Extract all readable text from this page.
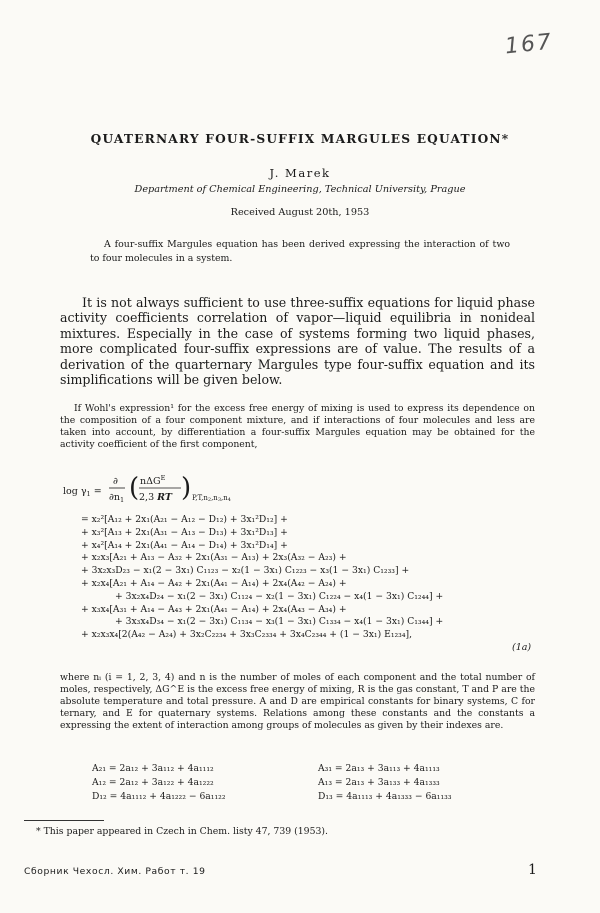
167
QUATERNARY FOUR-SUFFIX MARGULES EQUATION*
J. Marek
Department of Chemical Engineering, Technical University, Prague
Received August 20th, 1953
A four-suffix Margules equation has been derived expressing the interaction of two to four molecules in a system.
It is not always sufficient to use three-suffix equations for liquid phase activity coefficients correlation of vapor—liquid equilibria in nonideal mixtures. Especially in the case of systems forming two liquid phases, more complicated four-suffix expressions are of value. The results of a derivation of the quarternary Margules type four-suffix equation and its simplifications will be given below.
If Wohl's expression¹ for the excess free energy of mixing is used to express its dependence on the composition of a four component mixture, and if interactions of four molecules and less are taken into account, by differentiation a four-suffix Margules equation may be obtained for the activity coefficient of the first component,
$\log \gamma_1$ =
∂
$\partial n_1$ ( nΔG$^E$
2,3 RT ) P,T,n2,n3,n4
= x₂²[A₁₂ + 2x₁(A₂₁ − A₁₂ − D₁₂) + 3x₁²D₁₂] +
+ x₃²[A₁₃ + 2x₁(A₃₁ − A₁₃ − D₁₃) + 3x₁²D₁₃] +
+ x₄²[A₁₄ + 2x₁(A₄₁ − A₁₄ − D₁₄) + 3x₁²D₁₄] +
+ x₂x₃[A₂₁ + A₁₃ − A₃₂ + 2x₁(A₃₁ − A₁₃) + 2x₃(A₃₂ − A₂₃) +
+ 3x₂x₃D₂₃ − x₁(2 − 3x₁) C₁₁₂₃ − x₂(1 − 3x₁) C₁₂₂₃ − x₃(1 − 3x₁) C₁₂₃₃] +
+ x₂x₄[A₂₁ + A₁₄ − A₄₂ + 2x₁(A₄₁ − A₁₄) + 2x₄(A₄₂ − A₂₄) +
+ 3x₂x₄D₂₄ − x₁(2 − 3x₁) C₁₁₂₄ − x₂(1 − 3x₁) C₁₂₂₄ − x₄(1 − 3x₁) C₁₂₄₄] +
+ x₃x₄[A₃₁ + A₁₄ − A₄₃ + 2x₁(A₄₁ − A₁₄) + 2x₄(A₄₃ − A₃₄) +
+ 3x₃x₄D₃₄ − x₁(2 − 3x₁) C₁₁₃₄ − x₃(1 − 3x₁) C₁₃₃₄ − x₄(1 − 3x₁) C₁₃₄₄] +
+ x₂x₃x₄[2(A₄₂ − A₂₄) + 3x₂C₂₂₃₄ + 3x₃C₂₃₃₄ + 3x₄C₂₃₄₄ + (1 − 3x₁) E₁₂₃₄],
(1a)
where nᵢ (i = 1, 2, 3, 4) and n is the number of moles of each component and the total number of moles, respectively, ΔG^E is the excess free energy of mixing, R is the gas constant, T and P are the absolute temperature and total pressure. A and D are empirical constants for binary systems, C for ternary, and E for quaternary systems. Relations among these constants and the constants a expressing the extent of interaction among groups of molecules as given by their indexes are.
A₂₁ = 2a₁₂ + 3a₁₁₂ + 4a₁₁₁₂
A₁₂ = 2a₁₂ + 3a₁₂₂ + 4a₁₂₂₂
D₁₂ = 4a₁₁₁₂ + 4a₁₂₂₂ − 6a₁₁₂₂
A₃₁ = 2a₁₃ + 3a₁₁₃ + 4a₁₁₁₃
A₁₃ = 2a₁₃ + 3a₁₃₃ + 4a₁₃₃₃
D₁₃ = 4a₁₁₁₃ + 4a₁₃₃₃ − 6a₁₁₃₃
* This paper appeared in Czech in Chem. listy 47, 739 (1953).
Сборник Чехосл. Хим. Работ т. 19	1
